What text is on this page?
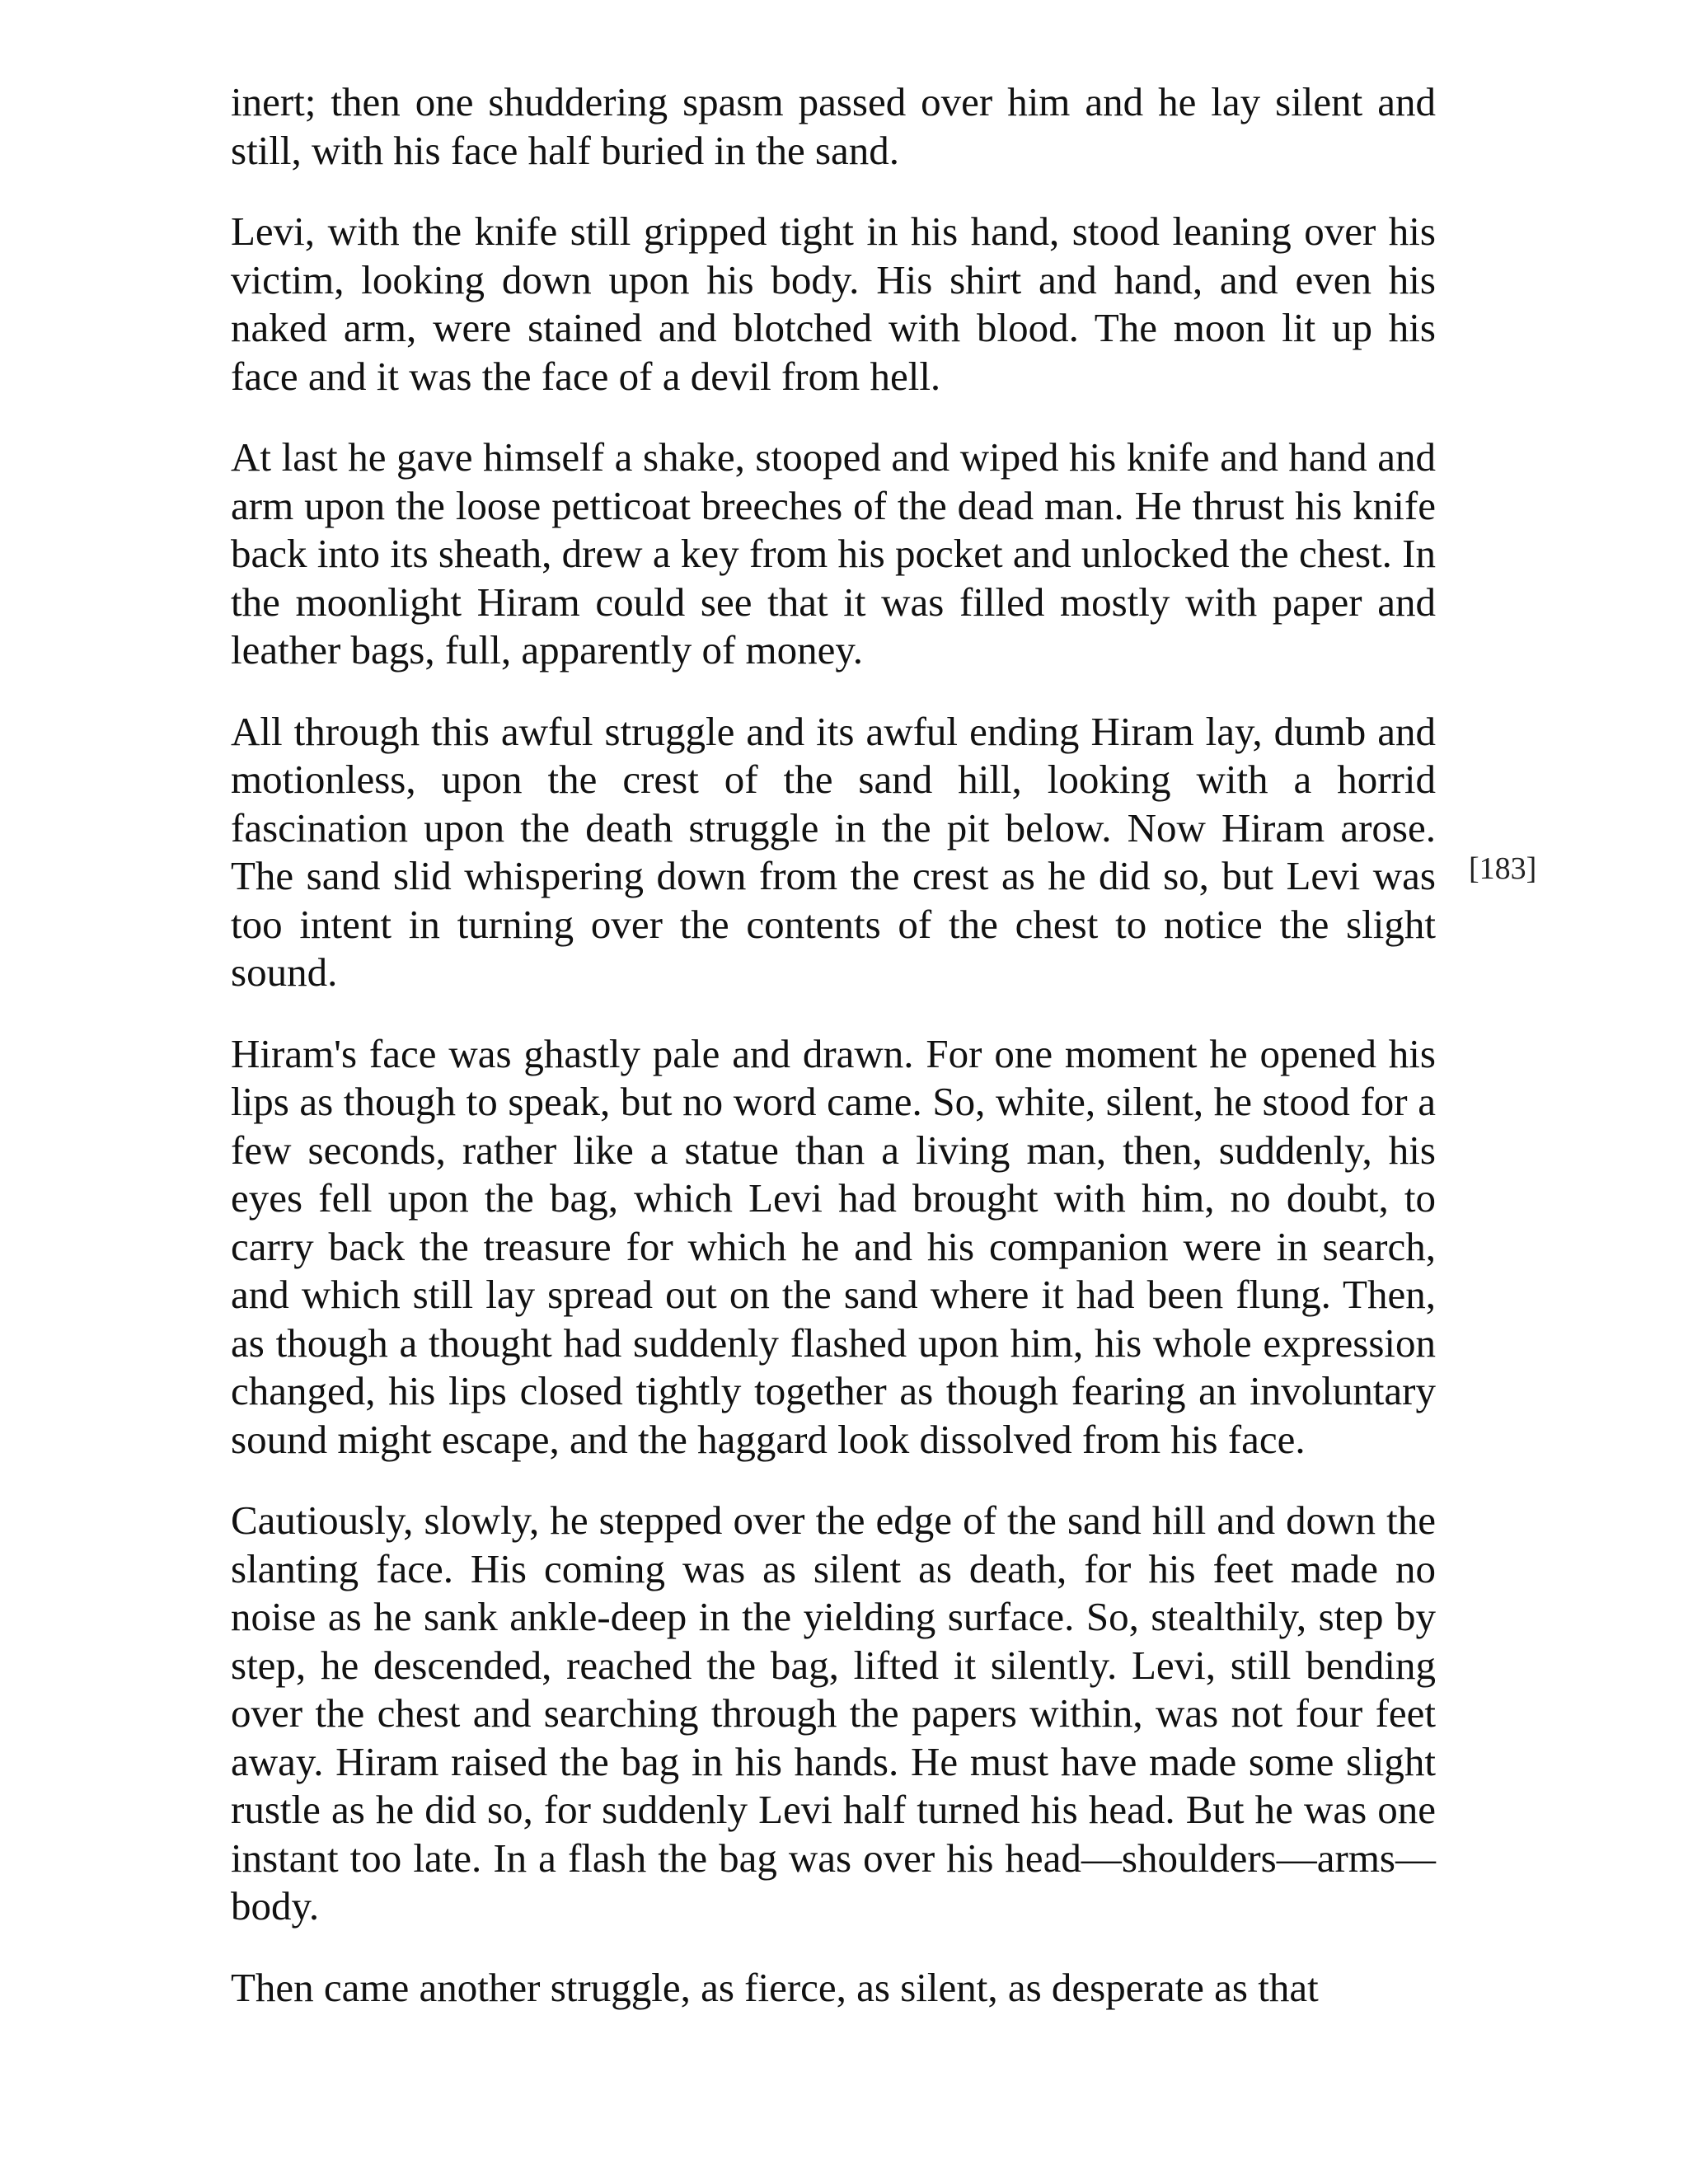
inert; then one shuddering spasm passed over him and he lay silent and still, with his face half buried in the sand.

Levi, with the knife still gripped tight in his hand, stood leaning over his victim, looking down upon his body. His shirt and hand, and even his naked arm, were stained and blotched with blood. The moon lit up his face and it was the face of a devil from hell.

At last he gave himself a shake, stooped and wiped his knife and hand and arm upon the loose petticoat breeches of the dead man. He thrust his knife back into its sheath, drew a key from his pocket and unlocked the chest. In the moonlight Hiram could see that it was filled mostly with paper and leather bags, full, apparently of money.

All through this awful struggle and its awful ending Hiram lay, dumb and motionless, upon the crest of the sand hill, looking with a horrid fascination upon the death struggle in the pit below. Now Hiram arose. The sand slid whispering down from the crest as he did so, but Levi was too intent in turning over the contents of the chest to notice the slight sound.

Hiram's face was ghastly pale and drawn. For one moment he opened his lips as though to speak, but no word came. So, white, silent, he stood for a few seconds, rather like a statue than a living man, then, suddenly, his eyes fell upon the bag, which Levi had brought with him, no doubt, to carry back the treasure for which he and his companion were in search, and which still lay spread out on the sand where it had been flung. Then, as though a thought had suddenly flashed upon him, his whole expression changed, his lips closed tightly together as though fearing an involuntary sound might escape, and the haggard look dissolved from his face.

Cautiously, slowly, he stepped over the edge of the sand hill and down the slanting face. His coming was as silent as death, for his feet made no noise as he sank ankle-deep in the yielding surface. So, stealthily, step by step, he descended, reached the bag, lifted it silently. Levi, still bending over the chest and searching through the papers within, was not four feet away. Hiram raised the bag in his hands. He must have made some slight rustle as he did so, for suddenly Levi half turned his head. But he was one instant too late. In a flash the bag was over his head—shoulders—arms—body.

Then came another struggle, as fierce, as silent, as desperate as that

[183]
